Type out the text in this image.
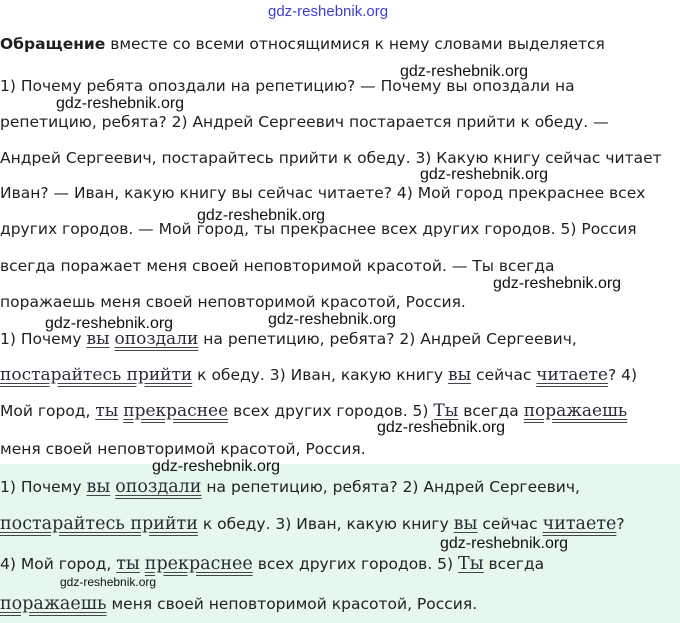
gdz-reshebnik.org
gdz-reshebnik.org
gdz-reshebnik.org
gdz-reshebnik.org
gdz-reshebnik.org
gdz-reshebnik.org
gdz-reshebnik.org	gdz-reshebnik.org
gdz-reshebnik.org
gdz-reshebnik.org
gdz-reshebnik.org
gdz-reshebnik.org
Обращение вместе со всеми относящимися к нему словами выделяется
1) Почему ребята опоздали на репетицию? — Почему вы опоздали на
репетицию, ребята? 2) Андрей Сергеевич постарается прийти к обеду. —
Андрей Сергеевич, постарайтесь прийти к обеду. 3) Какую книгу сейчас читает
Иван? — Иван, какую книгу вы сейчас читаете? 4) Мой город прекраснее всех
других городов. — Мой город, ты прекраснее всех других городов. 5) Россия
всегда поражает меня своей неповторимой красотой. — Ты всегда
поражаешь меня своей неповторимой красотой, Россия.
1) Почему вы опоздали на репетицию, ребята? 2) Андрей Сергеевич,
постарайтесь прийти к обеду. 3) Иван, какую книгу вы сейчас читаете? 4)
Мой город, ты прекраснее всех других городов. 5) Ты всегда поражаешь
меня своей неповторимой красотой, Россия.
1) Почему вы опоздали на репетицию, ребята? 2) Андрей Сергеевич,
постарайтесь прийти к обеду. 3) Иван, какую книгу вы сейчас читаете?
4) Мой город, ты прекраснее всех других городов. 5) Ты всегда
поражаешь меня своей неповторимой красотой, Россия.
